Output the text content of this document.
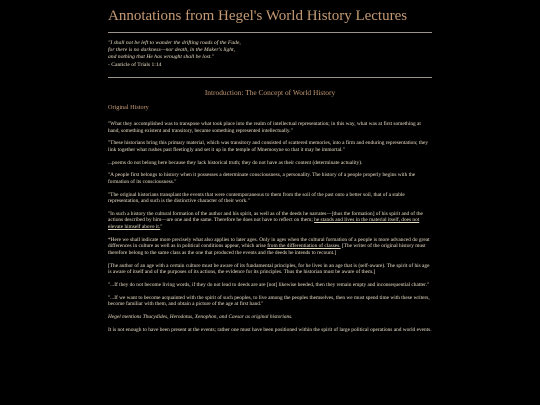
Annotations from Hegel's World History Lectures
"I shall not be left to wander the drifting roads of the Fade,
for there is no darkness—nor death, in the Maker's light,
and nothing that He has wrought shall be lost."
- Canticle of Trials 1:14
Introduction: The Concept of World History
Original History

"What they accomplished was to transpose what took place into the realm of intellectual representation; in this way, what was at first something at hand, something existent and transitory, became something represented intellectually."

"These historians bring this primary material, which was transitory and consisted of scattered memories, into a firm and enduring representation; they link together what rushes past fleetingly and set it up in the temple of Mnemosyne so that it may be immortal."

...poems do not belong here because they lack historical truth; they do not have as their content (determinate actuality).

"A people first belongs to history when it possesses a determinate consciousness, a personality. The history of a people properly begins with the formation of its consciousness."

"The original historians transplant the events that were contemporaneous to them from the soil of the past onto a better soil, that of a stable representation, and such is the distinctive character of their work."

"In such a history the cultural formation of the author and his spirit, as well as of the deeds he narrates—[thus the formation] of his spirit and of the actions described by him—are one and the same. Therefore he does not have to reflect on them; he stands and lives in the material itself, does not elevate himself above it."

*Here we shall indicate more precisely what also applies to later ages. Only in ages when the cultural formation of a people is more advanced do great differences in culture as well as in political conditions appear, which arise from the differentiation of classes. [The writer of the original history must therefore belong to the same class as the one that produced the events and the deeds he intends to recount.]

[The author of an age with a certain culture must be aware of its fundamental principles, for he lives in an age that is (self-aware). The spirit of his age is aware of itself and of the purposes of its actions, the evidence for its principles. Thus the historian must be aware of them.]

"...If they do not become living words, if they do not lead to deeds are are [not] likewise heeded, then they remain empty and inconsequential chatter."

"...If we want to become acquainted with the spirit of such peoples, to live among the peoples themselves, then we must spend time with these writers, become familiar with them, and obtain a picture of the age at first hand."

Hegel mentions Thucydides, Herodotus, Xenophon, and Caesar as original historians.

It is not enough to have been present at the events; rather one must have been positioned within the spirit of large political operations and world events.
